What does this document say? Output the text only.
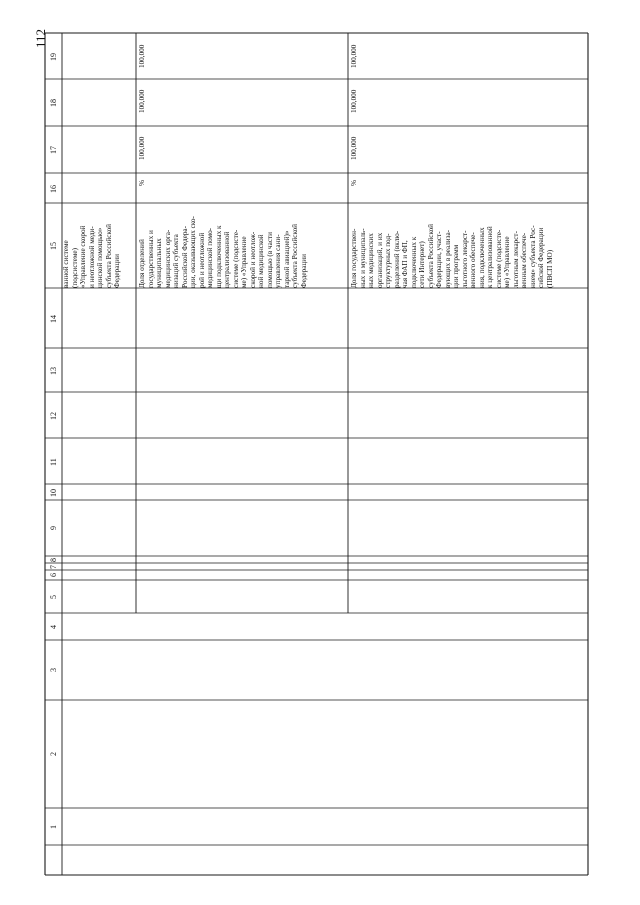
112
19
18
17
16
15
14
13
12
11
10
9
8
7
6
5
4
3
2
1
ванной системе
(подсистеме)
«Управление скорой
и неотложной меди-
цинской помощью»
субъекта Российской
Федерации Доля отделений
государственных и
муниципальных
медицинских орга-
низаций субъекта
Российской Федера-
ции, оказывающих ско-
рой и неотложной
медицинской помо-
щи подключенных к
централизованной
системе (подсисте-
ме) «Управление
скорой и неотлож-
ной медицинской
помощью (в части
управления сани-
тарной авиацией)»
субъекта Российской
Федерации
%
100,000
100,000
100,000
Доля государствен-
ных и муниципаль-
ных медицинских
организаций, и их
структурных под-
разделений (вклю-
чая ФАП и ФП,
подключенных к
сети Интернет)
субъекта Российской
Федерации, участ-
вующих в реализа-
ции программ
льготного лекарст-
венного обеспече-
ния, подключенных
к централизованной
системе (подсисте-
ме) «Управление
льготным лекарст-
венным обеспече-
нием» субъекта Рос-
сийской Федерации
(ПВСП МО)
%
100,000
100,000
100,000
